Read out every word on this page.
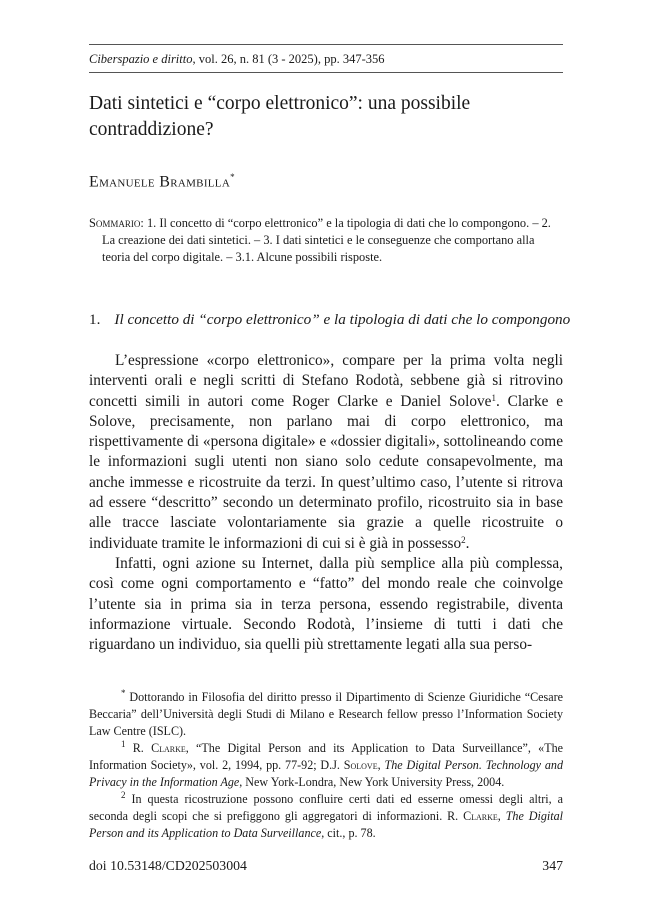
Ciberspazio e diritto, vol. 26, n. 81 (3 - 2025), pp. 347-356
Dati sintetici e “corpo elettronico”: una possibile contraddizione?
Emanuele Brambilla*

Sommario: 1. Il concetto di “corpo elettronico” e la tipologia di dati che lo compongono. – 2. La creazione dei dati sintetici. – 3. I dati sintetici e le conseguenze che comportano alla teoria del corpo digitale. – 3.1. Alcune possibili risposte.

1. Il concetto di “corpo elettronico” e la tipologia di dati che lo compongono

L’espressione «corpo elettronico», compare per la prima volta negli interventi orali e negli scritti di Stefano Rodotà, sebbene già si ritrovino concetti simili in autori come Roger Clarke e Daniel Solove$^1$. Clarke e Solove, precisamente, non parlano mai di corpo elettronico, ma rispettivamente di «persona digitale» e «dossier digitali», sottolineando come le informazioni sugli utenti non siano solo cedute consapevolmente, ma anche immesse e ricostruite da terzi. In quest’ultimo caso, l’utente si ritrova ad essere “descritto” secondo un determinato profilo, ricostruito sia in base alle tracce lasciate volontariamente sia grazie a quelle ricostruite o individuate tramite le informazioni di cui si è già in possesso$^2$.

Infatti, ogni azione su Internet, dalla più semplice alla più complessa, così come ogni comportamento e “fatto” del mondo reale che coinvolge l’utente sia in prima sia in terza persona, essendo registrabile, diventa informazione virtuale. Secondo Rodotà, l’insieme di tutti i dati che riguardano un individuo, sia quelli più strettamente legati alla sua perso-

* Dottorando in Filosofia del diritto presso il Dipartimento di Scienze Giuridiche “Cesare Beccaria” dell’Università degli Studi di Milano e Research fellow presso l’Information Society Law Centre (ISLC).

$^1$ R. Clarke, “The Digital Person and its Application to Data Surveillance”, «The Information Society», vol. 2, 1994, pp. 77-92; D.J. Solove, The Digital Person. Technology and Privacy in the Information Age, New York-Londra, New York University Press, 2004.

$^2$ In questa ricostruzione possono confluire certi dati ed esserne omessi degli altri, a seconda degli scopi che si prefiggono gli aggregatori di informazioni. R. Clarke, The Digital Person and its Application to Data Surveillance, cit., p. 78.

doi 10.53148/CD202503004	347
